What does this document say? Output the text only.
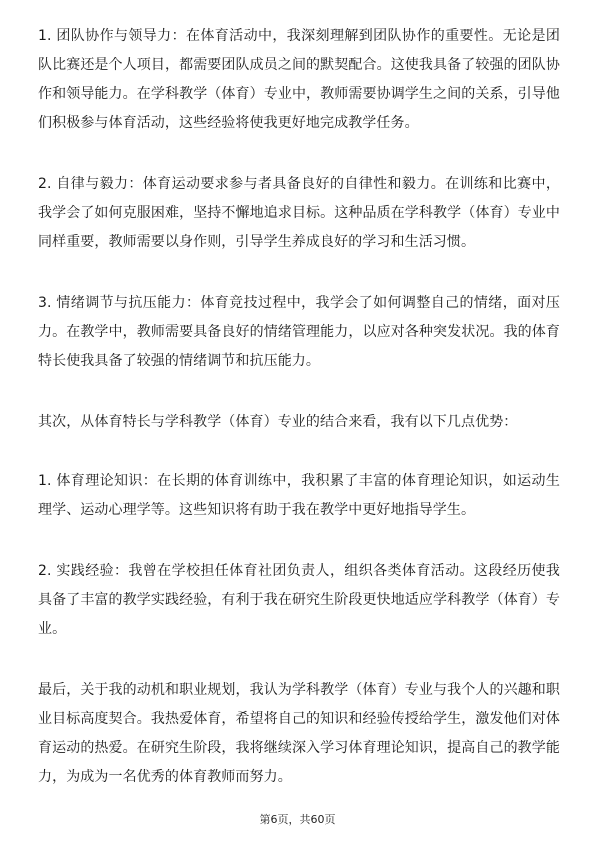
1. 团队协作与领导力：在体育活动中，我深刻理解到团队协作的重要性。无论是团队比赛还是个人项目，都需要团队成员之间的默契配合。这使我具备了较强的团队协作和领导能力。在学科教学（体育）专业中，教师需要协调学生之间的关系，引导他们积极参与体育活动，这些经验将使我更好地完成教学任务。

2. 自律与毅力：体育运动要求参与者具备良好的自律性和毅力。在训练和比赛中，我学会了如何克服困难，坚持不懈地追求目标。这种品质在学科教学（体育）专业中同样重要，教师需要以身作则，引导学生养成良好的学习和生活习惯。

3. 情绪调节与抗压能力：体育竞技过程中，我学会了如何调整自己的情绪，面对压力。在教学中，教师需要具备良好的情绪管理能力，以应对各种突发状况。我的体育特长使我具备了较强的情绪调节和抗压能力。

其次，从体育特长与学科教学（体育）专业的结合来看，我有以下几点优势：

1. 体育理论知识：在长期的体育训练中，我积累了丰富的体育理论知识，如运动生理学、运动心理学等。这些知识将有助于我在教学中更好地指导学生。

2. 实践经验：我曾在学校担任体育社团负责人，组织各类体育活动。这段经历使我具备了丰富的教学实践经验，有利于我在研究生阶段更快地适应学科教学（体育）专业。

最后，关于我的动机和职业规划，我认为学科教学（体育）专业与我个人的兴趣和职业目标高度契合。我热爱体育，希望将自己的知识和经验传授给学生，激发他们对体育运动的热爱。在研究生阶段，我将继续深入学习体育理论知识，提高自己的教学能力，为成为一名优秀的体育教师而努力。

第6页，共60页
